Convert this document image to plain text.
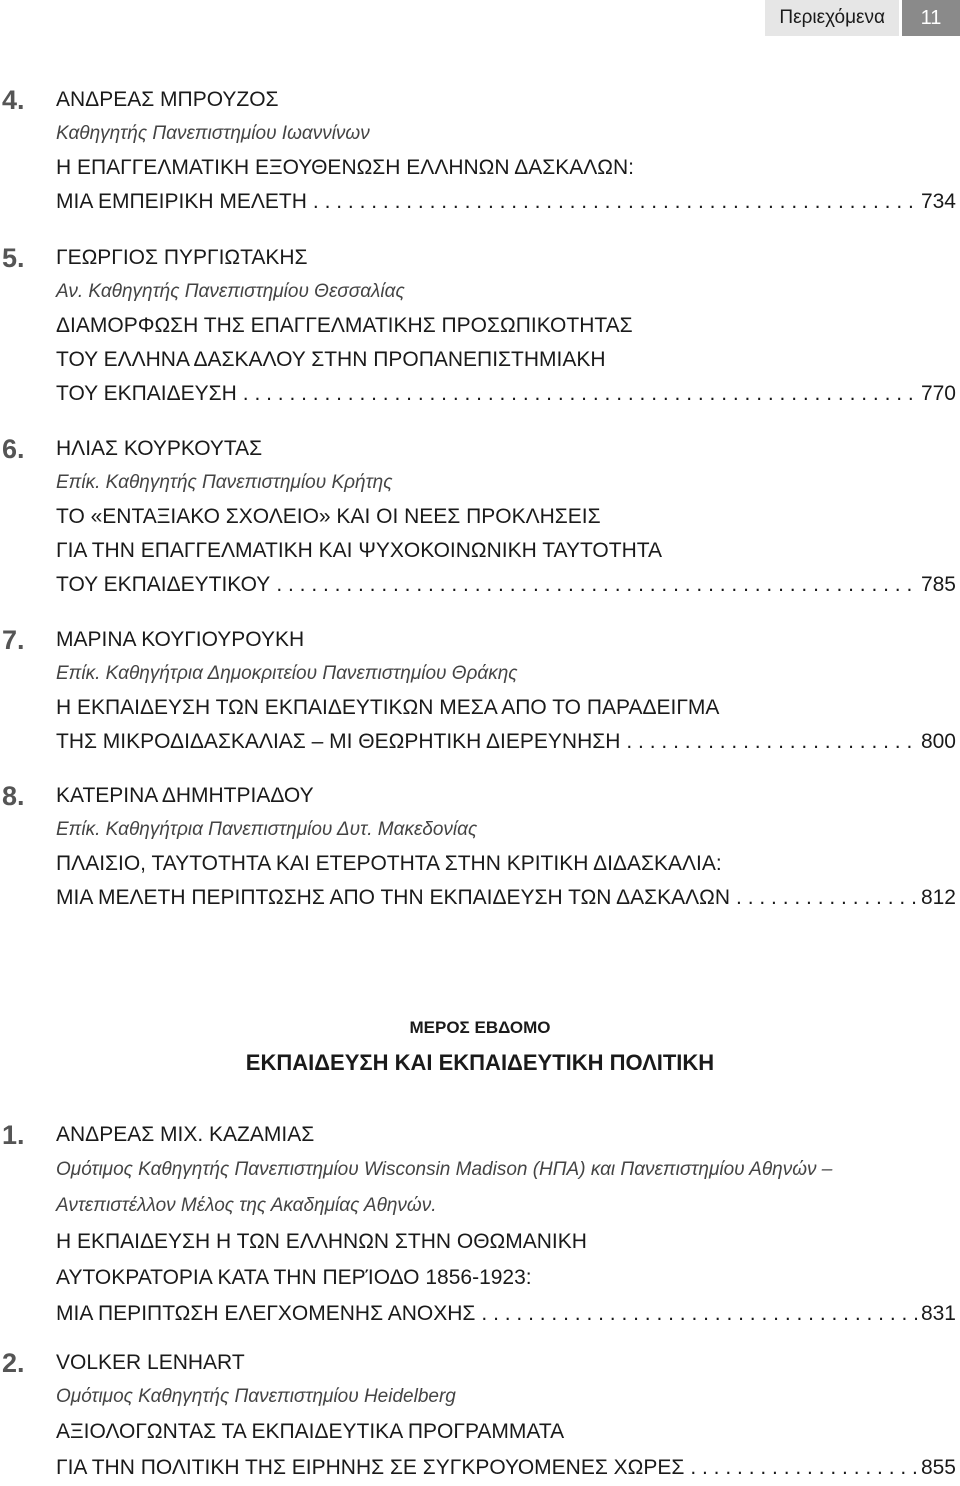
Περιεχόμενα	11
4. ΑΝΔΡΕΑΣ ΜΠΡΟΥΖΟΣ
Καθηγητής Πανεπιστημίου Ιωαννίνων
Η ΕΠΑΓΓΕΛΜΑΤΙΚΗ ΕΞΟΥΘΕΝΩΣΗ ΕΛΛΗΝΩΝ ΔΑΣΚΑΛΩΝ:
ΜΙΑ ΕΜΠΕΙΡΙΚΗ ΜΕΛΕΤΗ . . .	734
5. ΓΕΩΡΓΙΟΣ ΠΥΡΓΙΩΤΑΚΗΣ
Αν. Καθηγητής Πανεπιστημίου Θεσσαλίας
ΔΙΑΜΟΡΦΩΣΗ ΤΗΣ ΕΠΑΓΓΕΛΜΑΤΙΚΗΣ ΠΡΟΣΩΠΙΚΟΤΗΤΑΣ
ΤΟΥ ΕΛΛΗΝΑ ΔΑΣΚΑΛΟΥ ΣΤΗΝ ΠΡΟΠΑΝΕΠΙΣΤΗΜΙΑΚΗ
ΤΟΥ ΕΚΠΑΙΔΕΥΣΗ . . .	770
6. ΗΛΙΑΣ ΚΟΥΡΚΟΥΤΑΣ
Επίκ. Καθηγητής Πανεπιστημίου Κρήτης
ΤΟ «ΕΝΤΑΞΙΑΚΟ ΣΧΟΛΕΙΟ» ΚΑΙ ΟΙ ΝΕΕΣ ΠΡΟΚΛΗΣΕΙΣ
ΓΙΑ ΤΗΝ ΕΠΑΓΓΕΛΜΑΤΙΚΗ ΚΑΙ ΨΥΧΟΚΟΙΝΩΝΙΚΗ ΤΑΥΤΟΤΗΤΑ
ΤΟΥ ΕΚΠΑΙΔΕΥΤΙΚΟΥ . . .	785
7. ΜΑΡΙΝΑ ΚΟΥΓΙΟΥΡΟΥΚΗ
Επίκ. Καθηγήτρια Δημοκριτείου Πανεπιστημίου Θράκης
Η ΕΚΠΑΙΔΕΥΣΗ ΤΩΝ ΕΚΠΑΙΔΕΥΤΙΚΩΝ ΜΕΣΑ ΑΠΟ ΤΟ ΠΑΡΑΔΕΙΓΜΑ
ΤΗΣ ΜΙΚΡΟΔΙΔΑΣΚΑΛΙΑΣ – ΜΙ ΘΕΩΡΗΤΙΚΗ ΔΙΕΡΕΥΝΗΣΗ . . .	800
8. ΚΑΤΕΡΙΝΑ ΔΗΜΗΤΡΙΑΔΟΥ
Επίκ. Καθηγήτρια Πανεπιστημίου Δυτ. Μακεδονίας
ΠΛΑΙΣΙΟ, ΤΑΥΤΟΤΗΤΑ ΚΑΙ ΕΤΕΡΟΤΗΤΑ ΣΤΗΝ ΚΡΙΤΙΚΗ ΔΙΔΑΣΚΑΛΙΑ:
ΜΙΑ ΜΕΛΕΤΗ ΠΕΡΙΠΤΩΣΗΣ ΑΠΟ ΤΗΝ ΕΚΠΑΙΔΕΥΣΗ ΤΩΝ ΔΑΣΚΑΛΩΝ . . .	812
ΜΕΡΟΣ ΕΒΔΟΜΟ
ΕΚΠΑΙΔΕΥΣΗ ΚΑΙ ΕΚΠΑΙΔΕΥΤΙΚΗ ΠΟΛΙΤΙΚΗ
1. ΑΝΔΡΕΑΣ ΜΙΧ. ΚΑΖΑΜΙΑΣ
Ομότιμος Καθηγητής Πανεπιστημίου Wisconsin Madison (ΗΠΑ) και Πανεπιστημίου Αθηνών –
Αντεπιστέλλον Μέλος της Ακαδημίας Αθηνών.
Η ΕΚΠΑΙΔΕΥΣΗ Η ΤΩΝ ΕΛΛΗΝΩΝ ΣΤΗΝ ΟΘΩΜΑΝΙΚΗ
ΑΥΤΟΚΡΑΤΟΡΙΑ ΚΑΤΑ ΤΗΝ ΠΕΡΊΟΔΟ 1856-1923:
ΜΙΑ ΠΕΡΙΠΤΩΣΗ ΕΛΕΓΧΟΜΕΝΗΣ ΑΝΟΧΗΣ . . .	831
2. VOLKER LENHART
Ομότιμος Καθηγητής Πανεπιστημίου Heidelberg
ΑΞΙΟΛΟΓΩΝΤΑΣ ΤΑ ΕΚΠΑΙΔΕΥΤΙΚΑ ΠΡΟΓΡΑΜΜΑΤΑ
ΓΙΑ ΤΗΝ ΠΟΛΙΤΙΚΗ ΤΗΣ ΕΙΡΗΝΗΣ ΣΕ ΣΥΓΚΡΟΥΟΜΕΝΕΣ ΧΩΡΕΣ . . .	855
